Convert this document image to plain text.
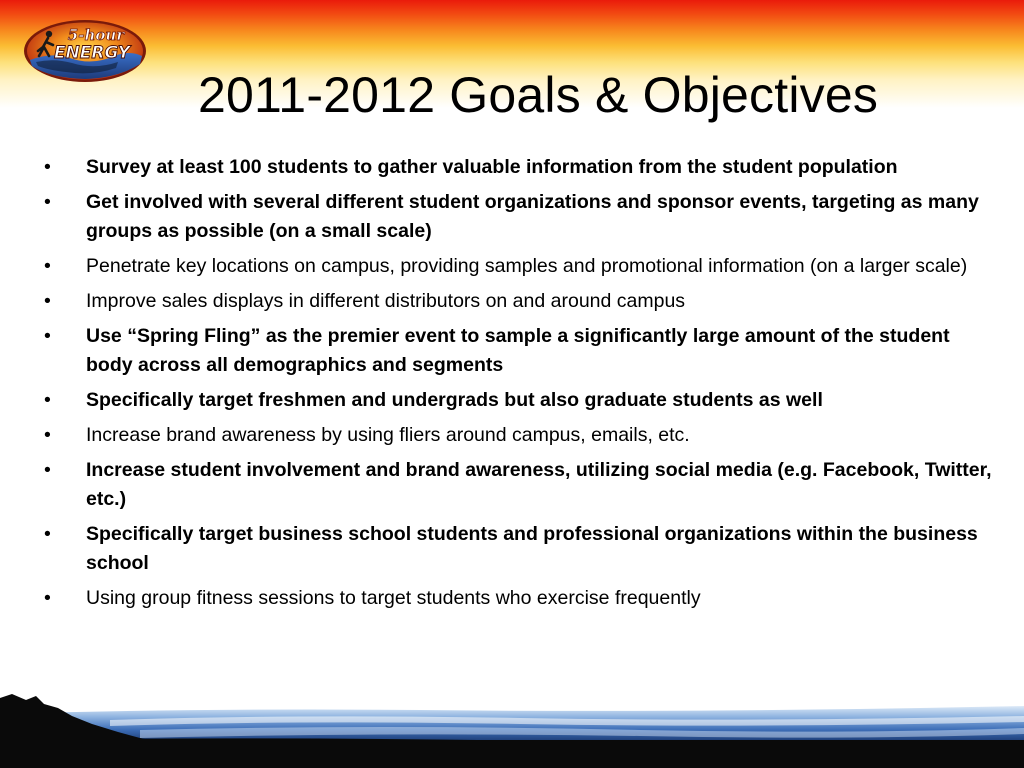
5-hour
ENERGY
2011-2012 Goals & Objectives
•	Survey at least 100 students to gather valuable information from the student population
•	Get involved with several different student organizations and sponsor events, targeting as many groups as possible (on a small scale)
•	Penetrate key locations on campus, providing samples and promotional information (on a larger scale)
•	Improve sales displays in different distributors on and around campus
•	Use “Spring Fling” as the premier event to sample a significantly large amount of the student body across all demographics and segments
•	Specifically target freshmen and undergrads but also graduate students as well
•	Increase brand awareness by using fliers around campus, emails, etc.
•	Increase student involvement and brand awareness, utilizing social media (e.g. Facebook, Twitter, etc.)
•	Specifically target business school students and professional organizations within the business school
•	Using group fitness sessions to target students who exercise frequently
